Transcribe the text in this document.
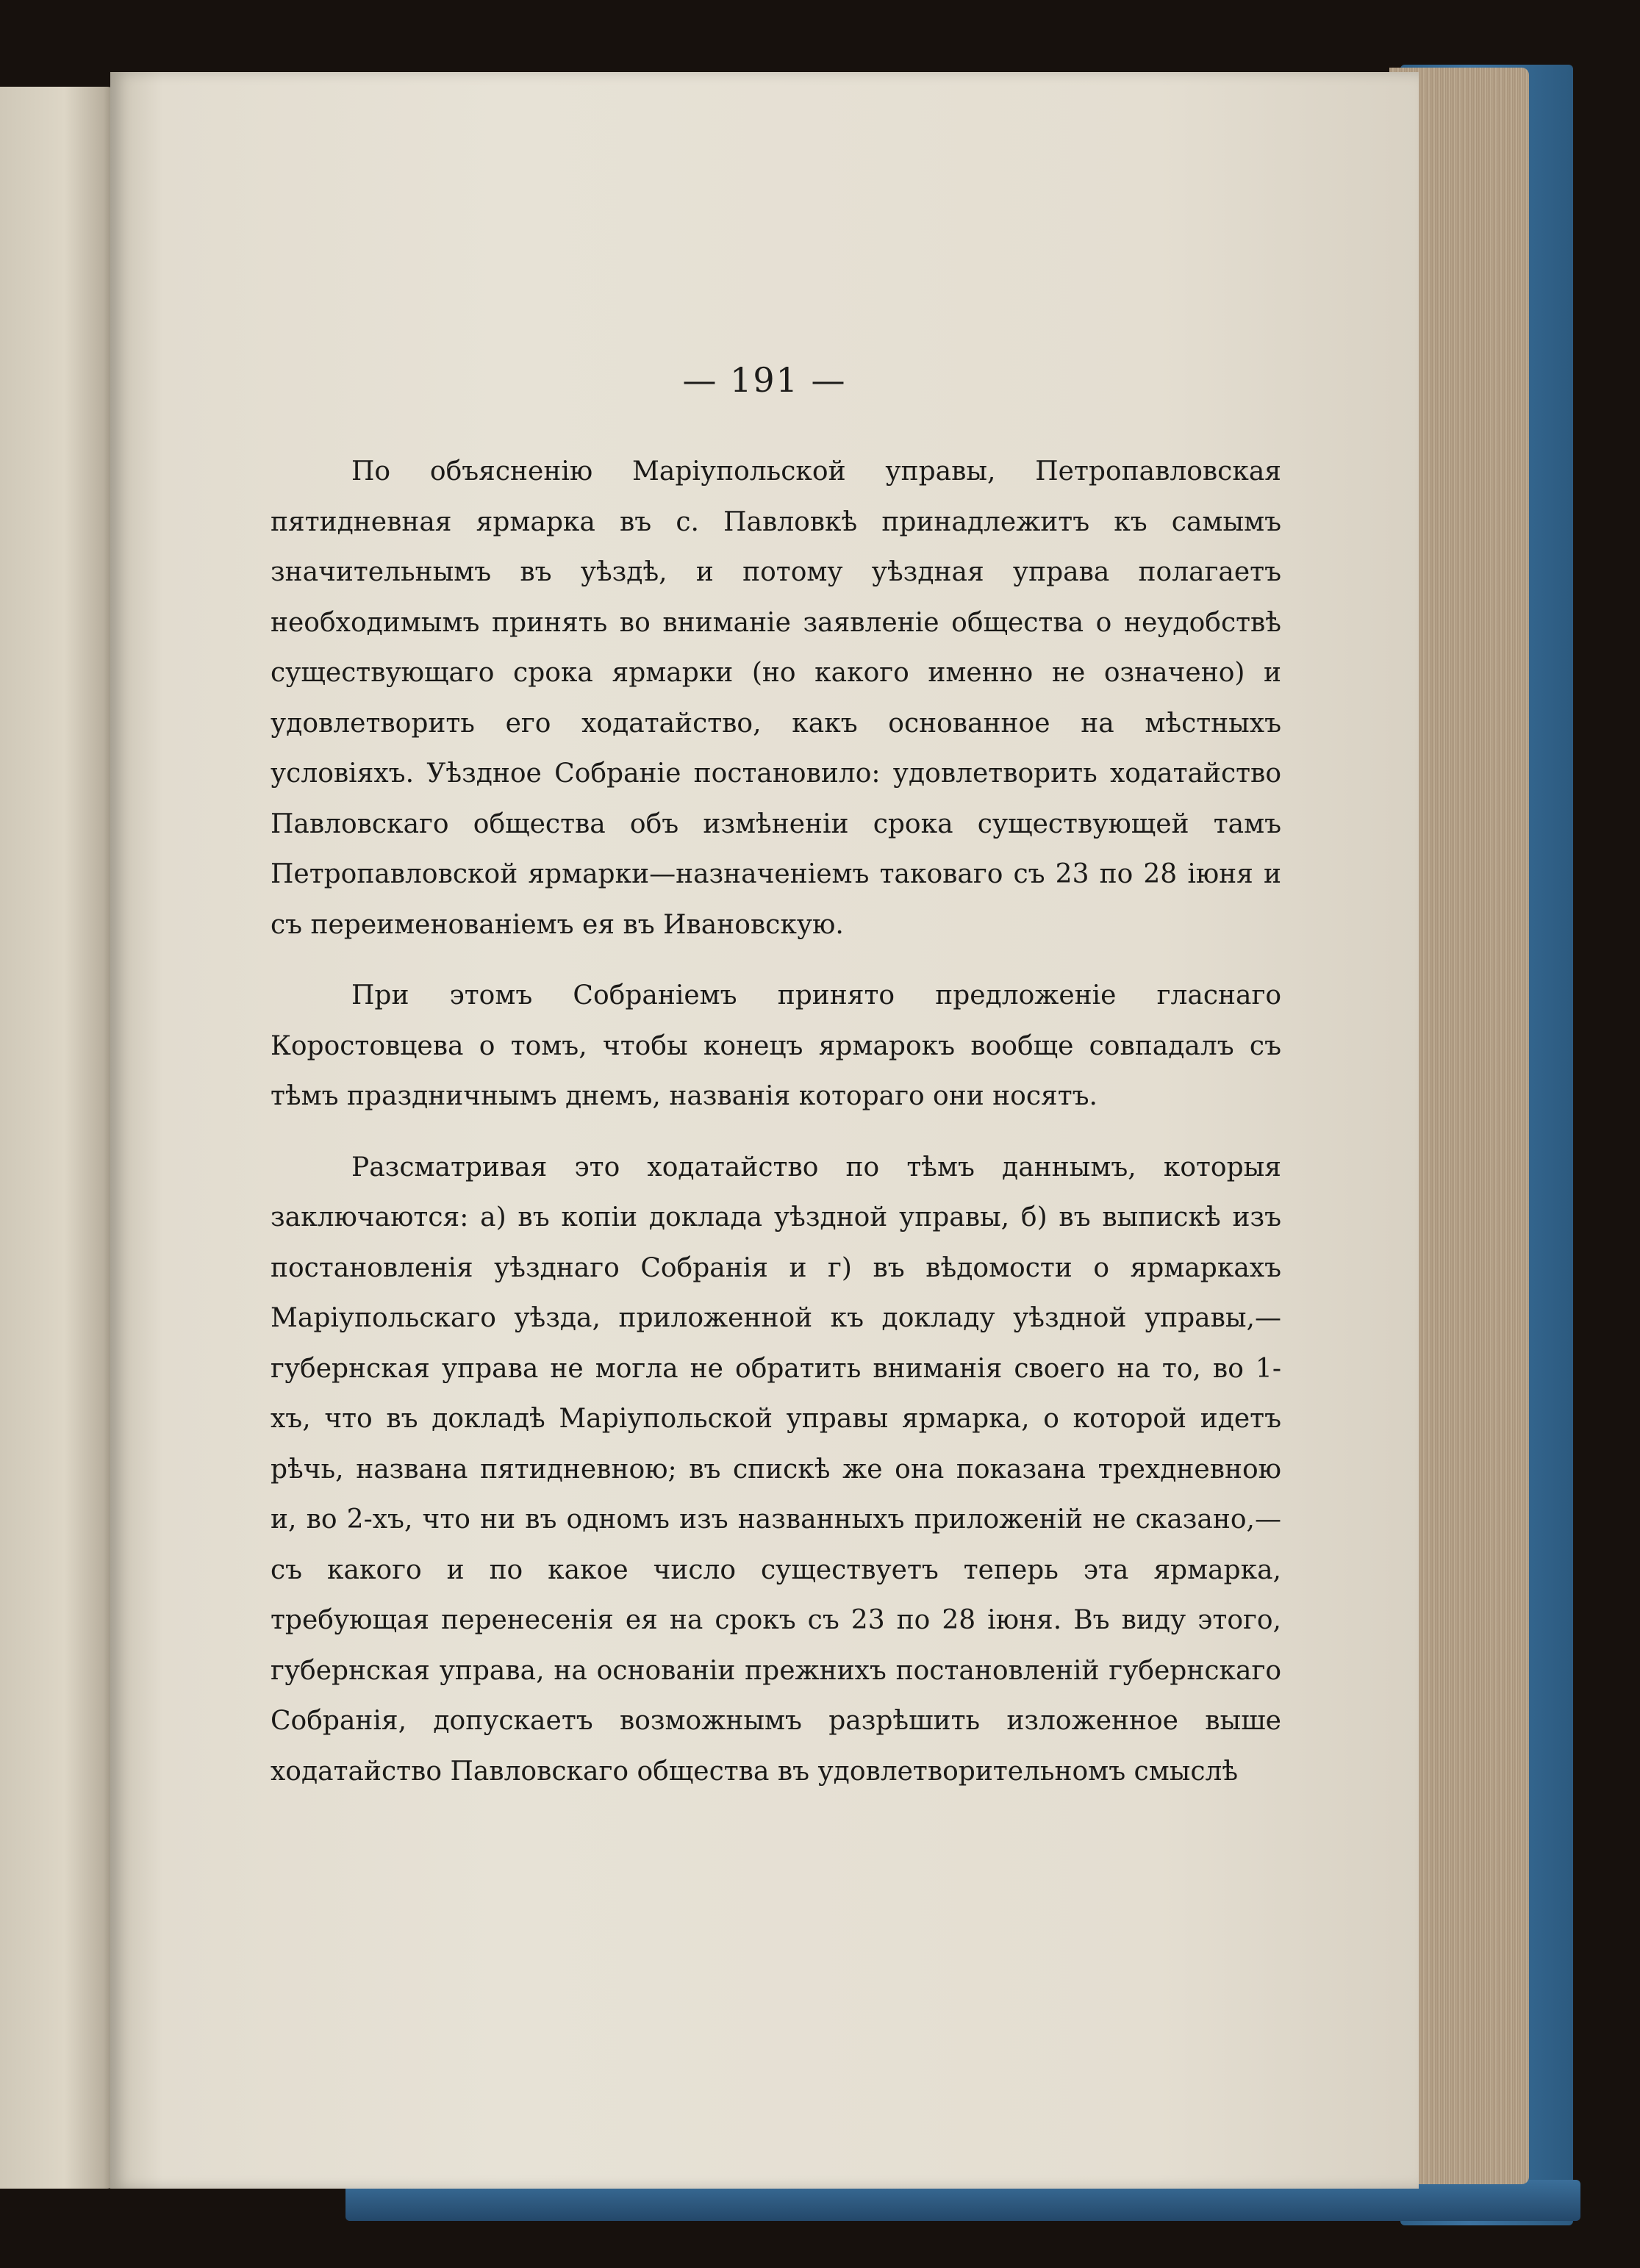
— 191 —

По объясненію Маріупольской управы, Петропавловская пятидневная ярмарка въ с. Павловкѣ принадлежитъ къ самымъ значительнымъ въ уѣздѣ, и потому уѣздная управа полагаетъ необходимымъ принять во вниманіе заявленіе общества о неудобствѣ существующаго срока ярмарки (но какого именно не означено) и удовлетворить его ходатайство, какъ основанное на мѣстныхъ условіяхъ. Уѣздное Собраніе постановило: удовлетворить ходатайство Павловскаго общества объ измѣненіи срока существующей тамъ Петропавловской ярмарки—назначеніемъ таковаго съ 23 по 28 іюня и съ переименованіемъ ея въ Ивановскую.

При этомъ Собраніемъ принято предложеніе гласнаго Коростовцева о томъ, чтобы конецъ ярмарокъ вообще совпадалъ съ тѣмъ праздничнымъ днемъ, названія котораго они носятъ.

Разсматривая это ходатайство по тѣмъ даннымъ, которыя заключаются: а) въ копіи доклада уѣздной управы, б) въ выпискѣ изъ постановленія уѣзднаго Собранія и г) въ вѣдомости о ярмаркахъ Маріупольскаго уѣзда, приложенной къ докладу уѣздной управы,—губернская управа не могла не обратить вниманія своего на то, во 1-хъ, что въ докладѣ Маріупольской управы ярмарка, о которой идетъ рѣчь, названа пятидневною; въ спискѣ же она показана трехдневною и, во 2-хъ, что ни въ одномъ изъ названныхъ приложеній не сказано,—съ какого и по какое число существуетъ теперь эта ярмарка, требующая перенесенія ея на срокъ съ 23 по 28 іюня. Въ виду этого, губернская управа, на основаніи прежнихъ постановленій губернскаго Собранія, допускаетъ возможнымъ разрѣшить изложенное выше ходатайство Павловскаго общества въ удовлетворительномъ смыслѣ
